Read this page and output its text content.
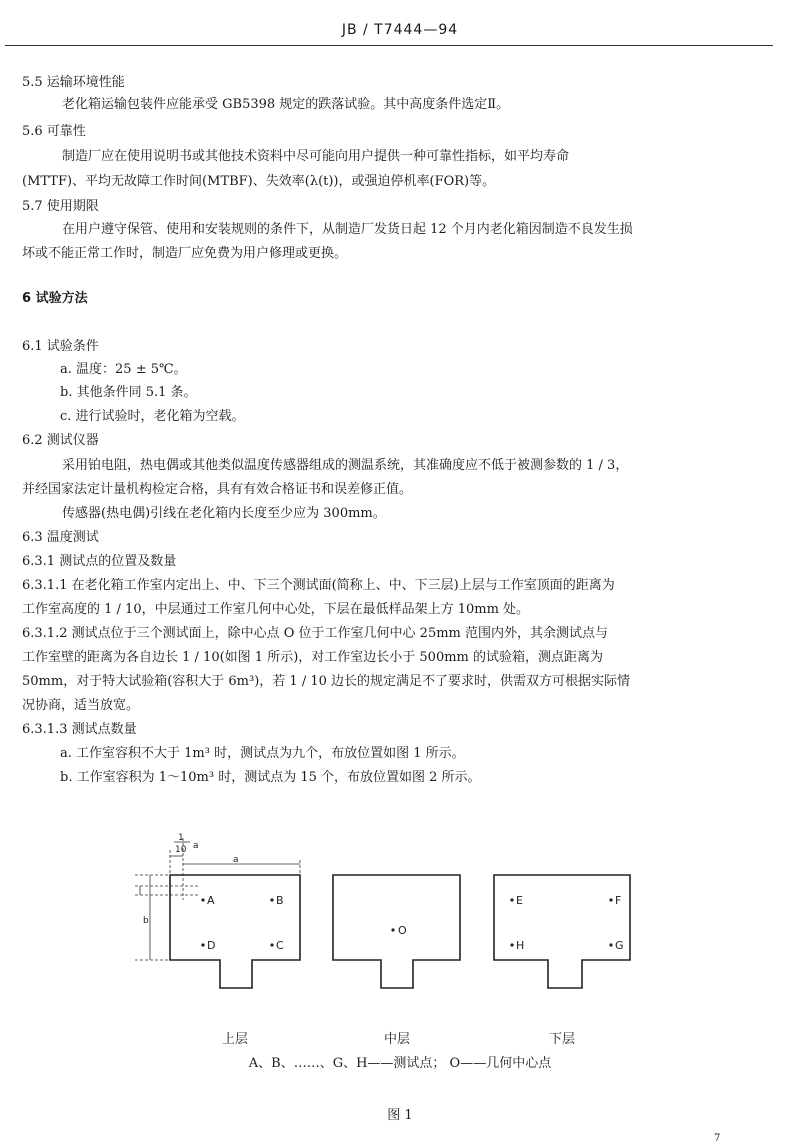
JB / T7444—94

5.5 运输环境性能

老化箱运输包装件应能承受 GB5398 规定的跌落试验。其中高度条件选定Ⅱ。

5.6 可靠性

制造厂应在使用说明书或其他技术资料中尽可能向用户提供一种可靠性指标，如平均寿命

(MTTF)、平均无故障工作时间(MTBF)、失效率(λ(t))，或强迫停机率(FOR)等。

5.7 使用期限

在用户遵守保管、使用和安装规则的条件下，从制造厂发货日起 12 个月内老化箱因制造不良发生损

坏或不能正常工作时，制造厂应免费为用户修理或更换。

6 试验方法

6.1 试验条件

a. 温度：25 ± 5℃。

b. 其他条件同 5.1 条。

c. 进行试验时，老化箱为空载。

6.2 测试仪器

采用铂电阻，热电偶或其他类似温度传感器组成的测温系统，其准确度应不低于被测参数的 1 / 3，

并经国家法定计量机构检定合格，具有有效合格证书和误差修正值。

传感器(热电偶)引线在老化箱内长度至少应为 300mm。

6.3 温度测试

6.3.1 测试点的位置及数量

6.3.1.1 在老化箱工作室内定出上、中、下三个测试面(简称上、中、下三层)上层与工作室顶面的距离为

工作室高度的 1 / 10，中层通过工作室几何中心处，下层在最低样品架上方 10mm 处。

6.3.1.2 测试点位于三个测试面上，除中心点 O 位于工作室几何中心 25mm 范围内外，其余测试点与

工作室壁的距离为各自边长 1 / 10(如图 1 所示)，对工作室边长小于 500mm 的试验箱，测点距离为

50mm，对于特大试验箱(容积大于 6m³)，若 1 / 10 边长的规定满足不了要求时，供需双方可根据实际情

况协商，适当放宽。

6.3.1.3 测试点数量

a. 工作室容积不大于 1m³ 时，测试点为九个，布放位置如图 1 所示。

b. 工作室容积为 1～10m³ 时，测试点为 15 个，布放位置如图 2 所示。

1
10 a
a
b
A	B
D	C
O
E	F
H	G
上层	中层	下层
A、B、……、G、H——测试点； O——几何中心点
图 1
7
